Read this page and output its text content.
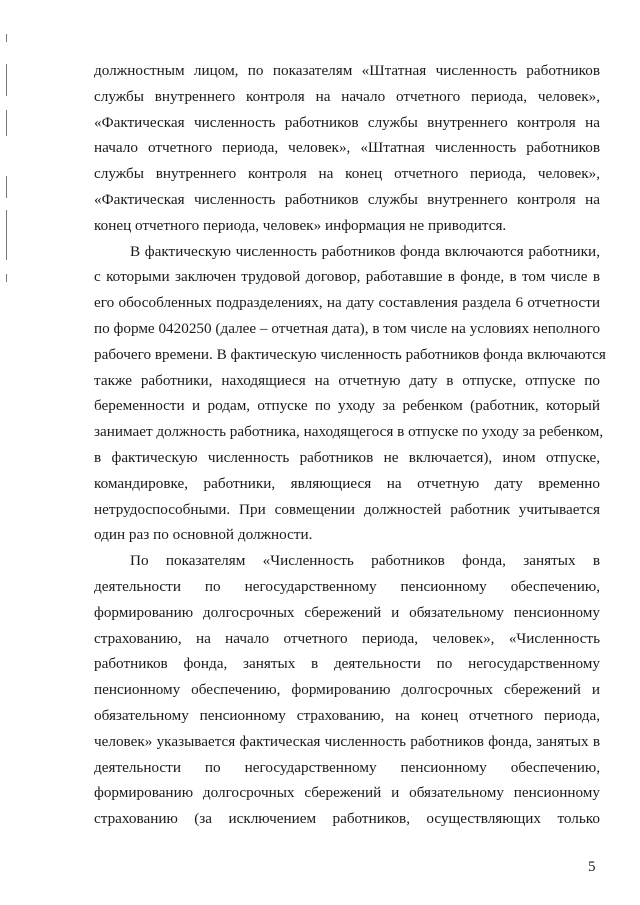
должностным лицом, по показателям «Штатная численность работников
службы внутреннего контроля на начало отчетного периода, человек»,
«Фактическая численность работников службы внутреннего контроля на
начало отчетного периода, человек», «Штатная численность работников
службы внутреннего контроля на конец отчетного периода, человек»,
«Фактическая численность работников службы внутреннего контроля на
конец отчетного периода, человек» информация не приводится.
В фактическую численность работников фонда включаются работники,
с которыми заключен трудовой договор, работавшие в фонде, в том числе в
его обособленных подразделениях, на дату составления раздела 6 отчетности
по форме 0420250 (далее – отчетная дата), в том числе на условиях неполного
рабочего времени. В фактическую численность работников фонда включаются
также работники, находящиеся на отчетную дату в отпуске, отпуске по
беременности и родам, отпуске по уходу за ребенком (работник, который
занимает должность работника, находящегося в отпуске по уходу за ребенком,
в фактическую численность работников не включается), ином отпуске,
командировке, работники, являющиеся на отчетную дату временно
нетрудоспособными. При совмещении должностей работник учитывается
один раз по основной должности.
По показателям «Численность работников фонда, занятых в
деятельности по негосударственному пенсионному обеспечению,
формированию долгосрочных сбережений и обязательному пенсионному
страхованию, на начало отчетного периода, человек», «Численность
работников фонда, занятых в деятельности по негосударственному
пенсионному обеспечению, формированию долгосрочных сбережений и
обязательному пенсионному страхованию, на конец отчетного периода,
человек» указывается фактическая численность работников фонда, занятых в
деятельности по негосударственному пенсионному обеспечению,
формированию долгосрочных сбережений и обязательному пенсионному
страхованию (за исключением работников, осуществляющих только
5
